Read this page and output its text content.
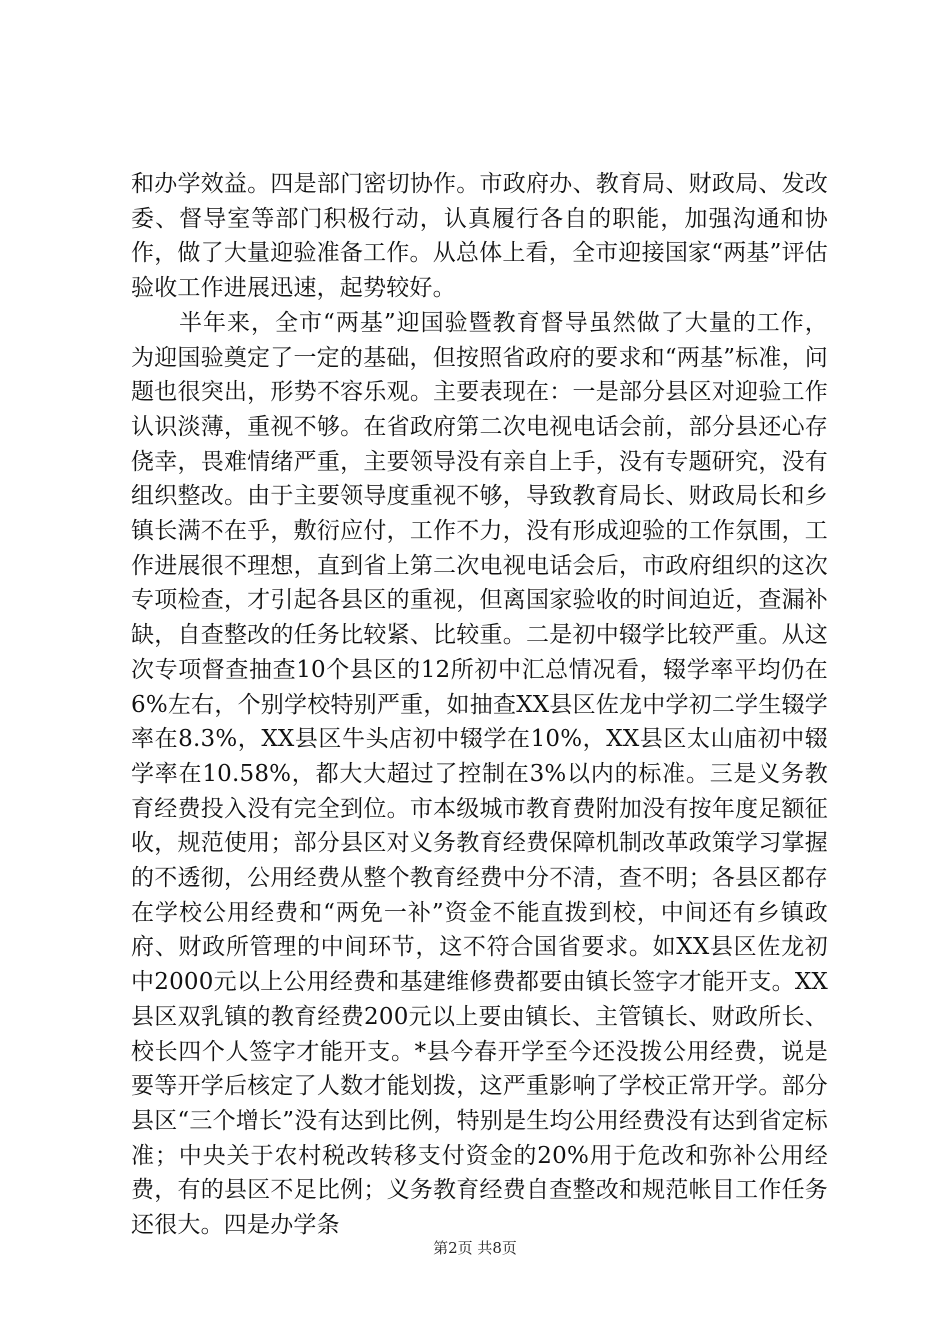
和办学效益。四是部门密切协作。市政府办、教育局、财政局、发改委、督导室等部门积极行动，认真履行各自的职能，加强沟通和协作，做了大量迎验准备工作。从总体上看，全市迎接国家“两基”评估验收工作进展迅速，起势较好。

半年来，全市“两基”迎国验暨教育督导虽然做了大量的工作，为迎国验奠定了一定的基础，但按照省政府的要求和“两基”标准，问题也很突出，形势不容乐观。主要表现在：一是部分县区对迎验工作认识淡薄，重视不够。在省政府第二次电视电话会前，部分县还心存侥幸，畏难情绪严重，主要领导没有亲自上手，没有专题研究，没有组织整改。由于主要领导度重视不够，导致教育局长、财政局长和乡镇长满不在乎，敷衍应付，工作不力，没有形成迎验的工作氛围，工作进展很不理想，直到省上第二次电视电话会后，市政府组织的这次专项检查，才引起各县区的重视，但离国家验收的时间迫近，查漏补缺，自查整改的任务比较紧、比较重。二是初中辍学比较严重。从这次专项督查抽查10个县区的12所初中汇总情况看，辍学率平均仍在6%左右，个别学校特别严重，如抽查XX县区佐龙中学初二学生辍学率在8.3%，XX县区牛头店初中辍学在10%，XX县区太山庙初中辍学率在10.58%，都大大超过了控制在3%以内的标准。三是义务教育经费投入没有完全到位。市本级城市教育费附加没有按年度足额征收，规范使用；部分县区对义务教育经费保障机制改革政策学习掌握的不透彻，公用经费从整个教育经费中分不清，查不明；各县区都存在学校公用经费和“两免一补”资金不能直拨到校，中间还有乡镇政府、财政所管理的中间环节，这不符合国省要求。如XX县区佐龙初中2000元以上公用经费和基建维修费都要由镇长签字才能开支。XX县区双乳镇的教育经费200元以上要由镇长、主管镇长、财政所长、校长四个人签字才能开支。*县今春开学至今还没拨公用经费，说是要等开学后核定了人数才能划拨，这严重影响了学校正常开学。部分县区“三个增长”没有达到比例，特别是生均公用经费没有达到省定标准；中央关于农村税改转移支付资金的20%用于危改和弥补公用经费，有的县区不足比例；义务教育经费自查整改和规范帐目工作任务还很大。四是办学条

第2页 共8页
